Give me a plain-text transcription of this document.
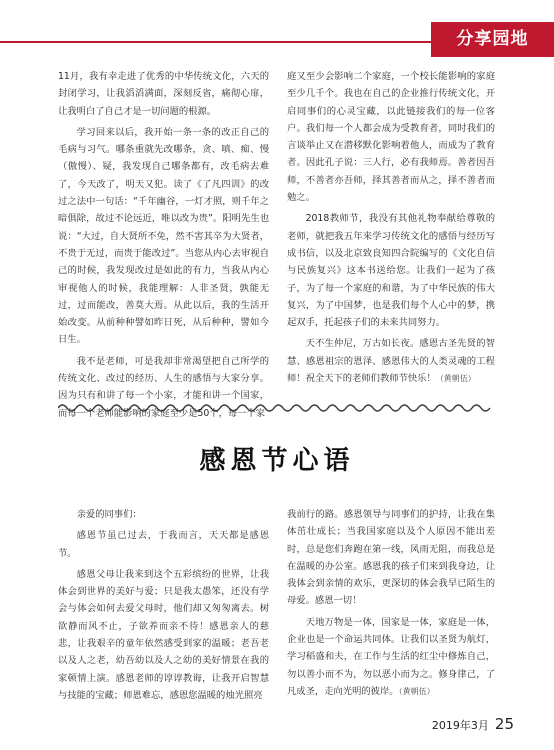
分享园地

11月，我有幸走进了优秀的中华传统文化，六天的封闭学习，让我滔滔满面，深刻反省，痛彻心扉，让我明白了自己才是一切问题的根源。

学习回来以后，我开始一条一条的改正自己的毛病与习气。哪条重就先改哪条，贪、嗔、痴、慢（傲慢）、疑，我发现自己哪条都有，改毛病去难了，今天改了，明天又犯。读了《了凡四训》的改过之法中一句话：“千年幽谷，一灯才照，则千年之暗俱除，故过不论远近，唯以改为贵”。阳明先生也说：“大过，自大贤所不免，然不害其卒为大贤者，不贵于无过，而贵于能改过”。当您从内心去审视自己的时候，我发现改过是如此的有力，当我从内心审视他人的时候，我能理解：人非圣贤，孰能无过，过而能改，善莫大焉。从此以后，我的生活开始改变。从前种种譬如昨日死，从后种种，譬如今日生。

我不是老师，可是我却非常渴望把自己所学的传统文化、改过的经历、人生的感悟与大家分享。因为只有和讲了每一个小家，才能和讲一个国家，而每一个老师能影响的家庭至少是50个，每一个家

庭又至少会影响二个家庭，一个校长能影响的家庭至少几千个。我也在自己的企业推行传统文化，开启同事们的心灵宝藏，以此链接我们的每一位客户。我们每一个人都会成为受教育者，同时我们的言谈举止又在潜移默化影响着他人，而成为了教育者。因此孔子说：三人行，必有我师焉。善者因吾师，不善者亦吾师，择其善者而从之，择不善者而勉之。

2018教师节，我没有其他礼物奉献给尊敬的老师，就把我五年来学习传统文化的感悟与经历写成书信，以及北京致良知四合院编写的《文化自信与民族复兴》这本书送给您。让我们一起为了孩子，为了每一个家庭的和谐，为了中华民族的伟大复兴，为了中国梦，也是我们每个人心中的梦，携起双手，托起孩子们的未来共同努力。

天不生仲尼，万古如长夜。感恩古圣先贤的智慧、感恩祖宗的恩泽、感恩伟大的人类灵魂的工程师！祝全天下的老师们教师节快乐！（黄朝伍）

感恩节心语

亲爱的同事们：

感恩节虽已过去，于我而言，天天都是感恩节。

感恩父母让我来到这个五彩缤纷的世界，让我体会到世界的美好与爱；只是我太愚笨，还没有学会与体会如何去爱父母时，他们却又匆匆离去。树欲静而风不止，子欲养而亲不待！感恩亲人的慈悲，让我艰辛的童年依然感受到家的温暖；老吾老以及人之老，幼吾幼以及人之幼的美好情景在我的家顿情上演。感恩老师的谆谆教诲，让我开启智慧与技能的宝藏；师恩难忘，感恩您温暖的烛光照亮

我前行的路。感恩领导与同事们的护持，让我在集体茁壮成长；当我国家庭以及个人原因不能出差时，总是您们奔跑在第一线，风雨无阻，而我总是在温暖的办公室。感恩我的孩子们来到我身边，让我体会到亲情的欢乐，更深切的体会我早已陌生的母爱。感恩一切！

天地万物是一体，国家是一体，家庭是一体，企业也是一个命运共同体。让我们以圣贤为航灯，学习稻盛和夫，在工作与生活的红尘中修炼自己，勿以善小而不为，勿以恶小而为之。修身律己，了凡成圣，走向光明的彼岸。（黄朝伍）

2019年3月 25
